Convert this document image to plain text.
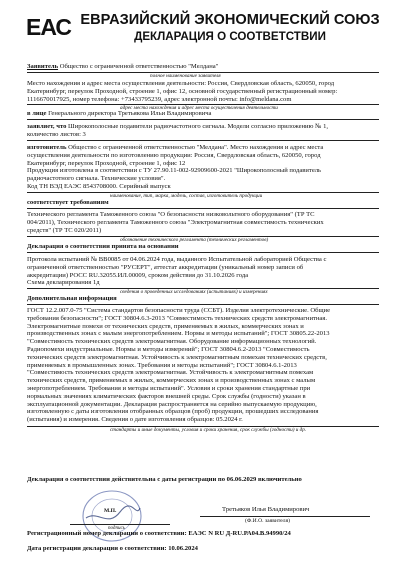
ЕАС ЕВРАЗИЙСКИЙ ЭКОНОМИЧЕСКИЙ СОЮЗ
ДЕКЛАРАЦИЯ О СООТВЕТСТВИИ
Заявитель Общество с ограниченной ответственностью "Мелдана"
полное наименование заявителя
Место нахождения и адрес места осуществления деятельности: Россия, Свердловская область, 620050, город
Екатеринбург, переулок Проходной, строение 1, офис 12, основной государственный регистрационный номер:
1116670017925, номер телефона: +73433795239, адрес электронной почты: info@meldana.com
адрес места нахождения и адрес места осуществления деятельности
в лице Генерального директора Третьякова Ильи Владимировича
заявляет, что Широкополосные подавители радиочастотного сигнала. Модели согласно приложению № 1,
количество листов: 3
изготовитель Общество с ограниченной ответственностью "Мелдана". Место нахождения и адрес места
осуществления деятельности по изготовлению продукции: Россия, Свердловская область, 620050, город
Екатеринбург, переулок Проходной, строение 1, офис 12
Продукция изготовлена в соответствии с ТУ 27.90.11-002-92909600-2021 "Широкополосный подавитель
радиочастотного сигнала. Технические условия".
Код ТН ВЭД ЕАЭС 8543708000. Серийный выпуск
наименование, тип, марка, модель, состав, изготовитель продукции
соответствует требованиям
Технического регламента Таможенного союза "О безопасности низковольтного оборудования" (ТР ТС
004/2011), Технического регламента Таможенного союза "Электромагнитная совместимость технических
средств" (ТР ТС 020/2011)
обозначение технического регламента (технических регламентов)
Декларация о соответствии принята на основании
Протокола испытаний № ВВ0085 от 04.06.2024 года, выданного Испытательной лабораторией Общества с
ограниченной ответственностью "РУСЕРТ", аттестат аккредитации (уникальный номер записи об
аккредитации) РОСС RU.32055.ИЛ.00009, сроком действия до 31.10.2026 года
Схема декларирования 1д
сведения о проведенных исследованиях (испытаниях) и измерениях
Дополнительная информация
ГОСТ 12.2.007.0-75 "Система стандартов безопасности труда (ССБТ). Изделия электротехнические. Общие
требования безопасности"; ГОСТ 30804.6.3-2013 "Совместимость технических средств электромагнитная.
Электромагнитные помехи от технических средств, применяемых в жилых, коммерческих зонах и
производственных зонах с малым энергопотреблением. Нормы и методы испытаний"; ГОСТ 30805.22-2013
"Совместимость технических средств электромагнитная. Оборудование информационных технологий.
Радиопомехи индустриальные. Нормы и методы измерений"; ГОСТ 30804.6.2-2013 "Совместимость
технических средств электромагнитная. Устойчивость к электромагнитным помехам технических средств,
применяемых в промышленных зонах. Требования и методы испытаний"; ГОСТ 30804.6.1-2013
"Совместимость технических средств электромагнитная. Устойчивость к электромагнитным помехам
технических средств, применяемых в жилых, коммерческих зонах и производственных зонах с малым
энергопотреблением. Требования и методы испытаний". Условия и сроки хранения стандартные при
нормальных значениях климатических факторов внешней среды. Срок службы (годности) указан в
эксплуатационной документации. Декларация распространяется на серийно выпускаемую продукцию,
изготовленную с даты изготовления отобранных образцов (проб) продукции, прошедших исследования
(испытания) и измерения. Сведения о дате изготовления образцов: 05.2024 г.
стандарты и иные документы, условия и сроки хранения, срок службы (годности) и др.
Декларация о соответствии действительна с даты регистрации по 06.06.2029 включительно
М.П.
подпись
Третьяков Илья Владимирович
(Ф.И.О. заявителя)
Регистрационный номер декларации о соответствии: ЕАЭС N RU Д-RU.РА04.В.94990/24
Дата регистрации декларации о соответствии: 10.06.2024
